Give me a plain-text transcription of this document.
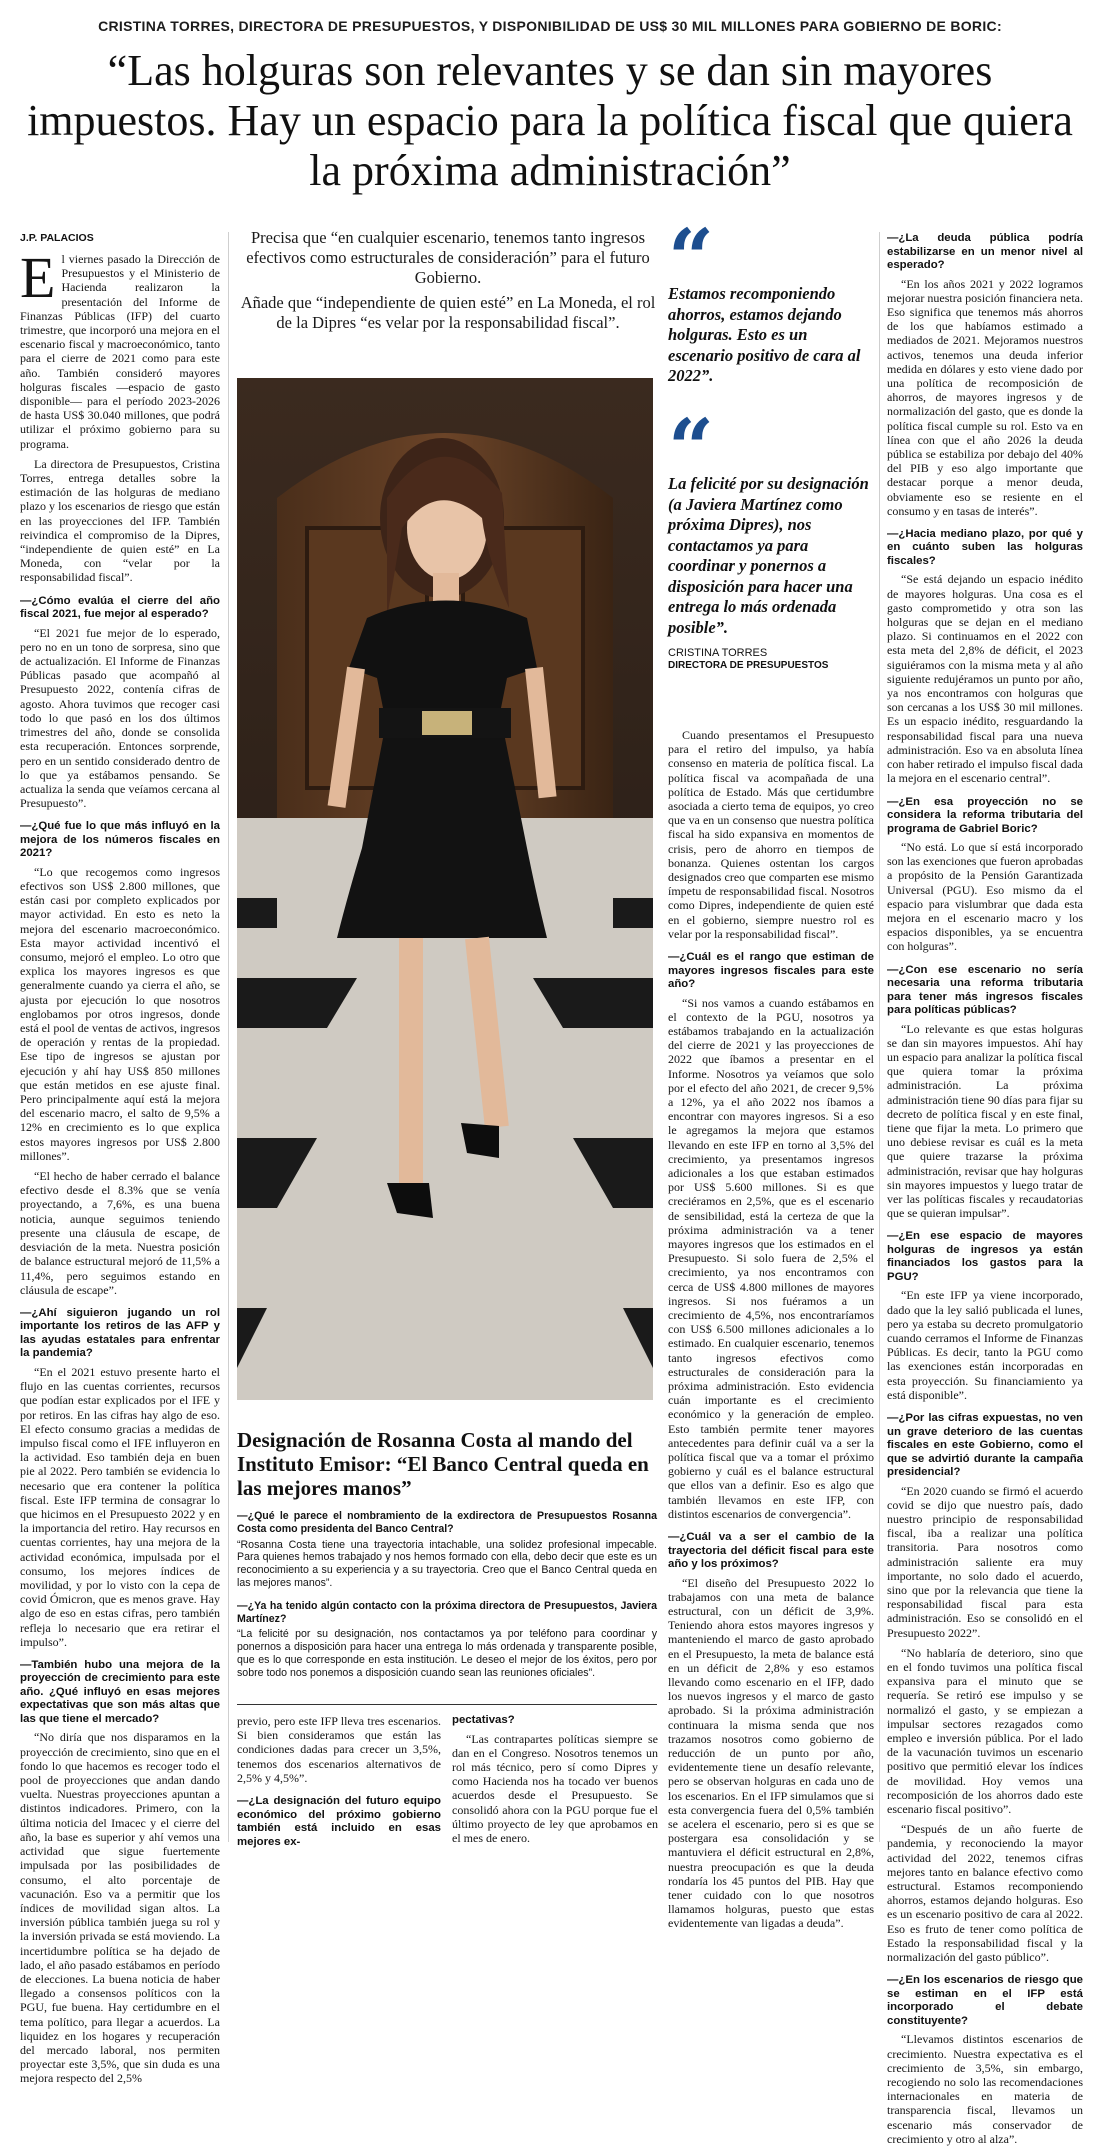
CRISTINA TORRES, DIRECTORA DE PRESUPUESTOS, Y DISPONIBILIDAD DE US$ 30 MIL MILLONES PARA GOBIERNO DE BORIC:
“Las holguras son relevantes y se dan sin mayores impuestos. Hay un espacio para la política fiscal que quiera la próxima administración”
J.P. PALACIOS

El viernes pasado la Dirección de Presupuestos y el Ministerio de Hacienda realizaron la presentación del Informe de Finanzas Públicas (IFP) del cuarto trimestre, que incorporó una mejora en el escenario fiscal y macroeconómico, tanto para el cierre de 2021 como para este año. También consideró mayores holguras fiscales —espacio de gasto disponible— para el período 2023-2026 de hasta US$ 30.040 millones, que podrá utilizar el próximo gobierno para su programa.

La directora de Presupuestos, Cristina Torres, entrega detalles sobre la estimación de las holguras de mediano plazo y los escenarios de riesgo que están en las proyecciones del IFP. También reivindica el compromiso de la Dipres, “independiente de quien esté” en La Moneda, con “velar por la responsabilidad fiscal”.

—¿Cómo evalúa el cierre del año fiscal 2021, fue mejor al esperado?

“El 2021 fue mejor de lo esperado, pero no en un tono de sorpresa, sino que de actualización. El Informe de Finanzas Públicas pasado que acompañó al Presupuesto 2022, contenía cifras de agosto. Ahora tuvimos que recoger casi todo lo que pasó en los dos últimos trimestres del año, donde se consolida esta recuperación. Entonces sorprende, pero en un sentido considerado dentro de lo que ya estábamos pensando. Se actualiza la senda que veíamos cercana al Presupuesto”.

—¿Qué fue lo que más influyó en la mejora de los números fiscales en 2021?

“Lo que recogemos como ingresos efectivos son US$ 2.800 millones, que están casi por completo explicados por mayor actividad. En esto es neto la mejora del escenario macroeconómico. Esta mayor actividad incentivó el consumo, mejoró el empleo. Lo otro que explica los mayores ingresos es que generalmente cuando ya cierra el año, se ajusta por ejecución lo que nosotros englobamos por otros ingresos, donde está el pool de ventas de activos, ingresos de operación y rentas de la propiedad. Ese tipo de ingresos se ajustan por ejecución y ahí hay US$ 850 millones que están metidos en ese ajuste final. Pero principalmente aquí está la mejora del escenario macro, el salto de 9,5% a 12% en crecimiento es lo que explica estos mayores ingresos por US$ 2.800 millones”.

“El hecho de haber cerrado el balance efectivo desde el 8.3% que se venía proyectando, a 7,6%, es una buena noticia, aunque seguimos teniendo presente una cláusula de escape, de desviación de la meta. Nuestra posición de balance estructural mejoró de 11,5% a 11,4%, pero seguimos estando en cláusula de escape”.

—¿Ahí siguieron jugando un rol importante los retiros de las AFP y las ayudas estatales para enfrentar la pandemia?

“En el 2021 estuvo presente harto el flujo en las cuentas corrientes, recursos que podían estar explicados por el IFE y por retiros. En las cifras hay algo de eso. El efecto consumo gracias a medidas de impulso fiscal como el IFE influyeron en la actividad. Eso también deja en buen pie al 2022. Pero también se evidencia lo necesario que era contener la política fiscal. Este IFP termina de consagrar lo que hicimos en el Presupuesto 2022 y en la importancia del retiro. Hay recursos en cuentas corrientes, hay una mejora de la actividad económica, impulsada por el consumo, los mejores índices de movilidad, y por lo visto con la cepa de covid Ómicron, que es menos grave. Hay algo de eso en estas cifras, pero también refleja lo necesario que era retirar el impulso”.

—También hubo una mejora de la proyección de crecimiento para este año. ¿Qué influyó en esas mejores expectativas que son más altas que las que tiene el mercado?

“No diría que nos disparamos en la proyección de crecimiento, sino que en el fondo lo que hacemos es recoger todo el pool de proyecciones que andan dando vuelta. Nuestras proyecciones apuntan a distintos indicadores. Primero, con la última noticia del Imacec y el cierre del año, la base es superior y ahí vemos una actividad que sigue fuertemente impulsada por las posibilidades de consumo, el alto porcentaje de vacunación. Eso va a permitir que los índices de movilidad sigan altos. La inversión pública también juega su rol y la inversión privada se está moviendo. La incertidumbre política se ha dejado de lado, el año pasado estábamos en período de elecciones. La buena noticia de haber llegado a consensos políticos con la PGU, fue buena. Hay certidumbre en el tema político, para llegar a acuerdos. La liquidez en los hogares y recuperación del mercado laboral, nos permiten proyectar este 3,5%, que sin duda es una mejora respecto del 2,5%

Precisa que “en cualquier escenario, tenemos tanto ingresos efectivos como estructurales de consideración” para el futuro Gobierno.

Añade que “independiente de quien esté” en La Moneda, el rol de la Dipres “es velar por la responsabilidad fiscal”.

“
Estamos recomponiendo ahorros, estamos dejando holguras. Esto es un escenario positivo de cara al 2022”.
“
La felicité por su designación (a Javiera Martínez como próxima Dipres), nos contactamos ya para coordinar y ponernos a disposición para hacer una entrega lo más ordenada posible”.
CRISTINA TORRES
DIRECTORA DE PRESUPUESTOS

Cuando presentamos el Presupuesto para el retiro del impulso, ya había consenso en materia de política fiscal. La política fiscal va acompañada de una política de Estado. Más que certidumbre asociada a cierto tema de equipos, yo creo que va en un consenso que nuestra política fiscal ha sido expansiva en momentos de crisis, pero de ahorro en tiempos de bonanza. Quienes ostentan los cargos designados creo que comparten ese mismo ímpetu de responsabilidad fiscal. Nosotros como Dipres, independiente de quien esté en el gobierno, siempre nuestro rol es velar por la responsabilidad fiscal”.

—¿Cuál es el rango que estiman de mayores ingresos fiscales para este año?

“Si nos vamos a cuando estábamos en el contexto de la PGU, nosotros ya estábamos trabajando en la actualización del cierre de 2021 y las proyecciones de 2022 que íbamos a presentar en el Informe. Nosotros ya veíamos que solo por el efecto del año 2021, de crecer 9,5% a 12%, ya el año 2022 nos íbamos a encontrar con mayores ingresos. Si a eso le agregamos la mejora que estamos llevando en este IFP en torno al 3,5% del crecimiento, ya presentamos ingresos adicionales a los que estaban estimados por US$ 5.600 millones. Si es que creciéramos en 2,5%, que es el escenario de sensibilidad, está la certeza de que la próxima administración va a tener mayores ingresos que los estimados en el Presupuesto. Si solo fuera de 2,5% el crecimiento, ya nos encontramos con cerca de US$ 4.800 millones de mayores ingresos. Si nos fuéramos a un crecimiento de 4,5%, nos encontraríamos con US$ 6.500 millones adicionales a lo estimado. En cualquier escenario, tenemos tanto ingresos efectivos como estructurales de consideración para la próxima administración. Esto evidencia cuán importante es el crecimiento económico y la generación de empleo. Esto también permite tener mayores antecedentes para definir cuál va a ser la política fiscal que va a tomar el próximo gobierno y cuál es el balance estructural que ellos van a definir. Eso es algo que también llevamos en este IFP, con distintos escenarios de convergencia”.

—¿Cuál va a ser el cambio de la trayectoria del déficit fiscal para este año y los próximos?

“El diseño del Presupuesto 2022 lo trabajamos con una meta de balance estructural, con un déficit de 3,9%. Teniendo ahora estos mayores ingresos y manteniendo el marco de gasto aprobado en el Presupuesto, la meta de balance está en un déficit de 2,8% y eso estamos llevando como escenario en el IFP, dado los nuevos ingresos y el marco de gasto aprobado. Si la próxima administración continuara la misma senda que nos trazamos nosotros como gobierno de reducción de un punto por año, evidentemente tiene un desafío relevante, pero se observan holguras en cada uno de los escenarios. En el IFP simulamos que si esta convergencia fuera del 0,5% también se acelera el escenario, pero si es que se postergara esa consolidación y se mantuviera el déficit estructural en 2,8%, nuestra preocupación es que la deuda rondaría los 45 puntos del PIB. Hay que tener cuidado con lo que nosotros llamamos holguras, puesto que estas evidentemente van ligadas a deuda”.

—¿La deuda pública podría estabilizarse en un menor nivel al esperado?

“En los años 2021 y 2022 logramos mejorar nuestra posición financiera neta. Eso significa que tenemos más ahorros de los que habíamos estimado a mediados de 2021. Mejoramos nuestros activos, tenemos una deuda inferior medida en dólares y esto viene dado por una política de recomposición de ahorros, de mayores ingresos y de normalización del gasto, que es donde la política fiscal cumple su rol. Esto va en línea con que el año 2026 la deuda pública se estabiliza por debajo del 40% del PIB y eso algo importante que destacar porque a menor deuda, obviamente eso se resiente en el consumo y en tasas de interés”.

—¿Hacia mediano plazo, por qué y en cuánto suben las holguras fiscales?

“Se está dejando un espacio inédito de mayores holguras. Una cosa es el gasto comprometido y otra son las holguras que se dejan en el mediano plazo. Si continuamos en el 2022 con esta meta del 2,8% de déficit, el 2023 siguiéramos con la misma meta y al año siguiente redujéramos un punto por año, ya nos encontramos con holguras que son cercanas a los US$ 30 mil millones. Es un espacio inédito, resguardando la responsabilidad fiscal para una nueva administración. Eso va en absoluta línea con haber retirado el impulso fiscal dada la mejora en el escenario central”.

—¿En esa proyección no se considera la reforma tributaria del programa de Gabriel Boric?

“No está. Lo que sí está incorporado son las exenciones que fueron aprobadas a propósito de la Pensión Garantizada Universal (PGU). Eso mismo da el espacio para vislumbrar que dada esta mejora en el escenario macro y los espacios disponibles, ya se encuentra con holguras”.

—¿Con ese escenario no sería necesaria una reforma tributaria para tener más ingresos fiscales para políticas públicas?

“Lo relevante es que estas holguras se dan sin mayores impuestos. Ahí hay un espacio para analizar la política fiscal que quiera tomar la próxima administración. La próxima administración tiene 90 días para fijar su decreto de política fiscal y en este final, tiene que fijar la meta. Lo primero que uno debiese revisar es cuál es la meta que quiere trazarse la próxima administración, revisar que hay holguras sin mayores impuestos y luego tratar de ver las políticas fiscales y recaudatorias que se quieran impulsar”.

—¿En ese espacio de mayores holguras de ingresos ya están financiados los gastos para la PGU?

“En este IFP ya viene incorporado, dado que la ley salió publicada el lunes, pero ya estaba su decreto promulgatorio cuando cerramos el Informe de Finanzas Públicas. Es decir, tanto la PGU como las exenciones están incorporadas en esta proyección. Su financiamiento ya está disponible”.

—¿Por las cifras expuestas, no ven un grave deterioro de las cuentas fiscales en este Gobierno, como el que se advirtió durante la campaña presidencial?

“En 2020 cuando se firmó el acuerdo covid se dijo que nuestro país, dado nuestro principio de responsabilidad fiscal, iba a realizar una política transitoria. Para nosotros como administración saliente era muy importante, no solo dado el acuerdo, sino que por la relevancia que tiene la responsabilidad fiscal para esta administración. Eso se consolidó en el Presupuesto 2022”.

“No hablaría de deterioro, sino que en el fondo tuvimos una política fiscal expansiva para el minuto que se requería. Se retiró ese impulso y se normalizó el gasto, y se empiezan a impulsar sectores rezagados como empleo e inversión pública. Por el lado de la vacunación tuvimos un escenario positivo que permitió elevar los índices de movilidad. Hoy vemos una recomposición de los ahorros dado este escenario fiscal positivo”.

“Después de un año fuerte de pandemia, y reconociendo la mayor actividad del 2022, tenemos cifras mejores tanto en balance efectivo como estructural. Estamos recomponiendo ahorros, estamos dejando holguras. Eso es un escenario positivo de cara al 2022. Eso es fruto de tener como política de Estado la responsabilidad fiscal y la normalización del gasto público”.

—¿En los escenarios de riesgo que se estiman en el IFP está incorporado el debate constituyente?

“Llevamos distintos escenarios de crecimiento. Nuestra expectativa es el crecimiento de 3,5%, sin embargo, recogiendo no solo las recomendaciones internacionales en materia de transparencia fiscal, llevamos un escenario más conservador de crecimiento y otro al alza”.

Designación de Rosanna Costa al mando del Instituto Emisor: “El Banco Central queda en las mejores manos”
—¿Qué le parece el nombramiento de la exdirectora de Presupuestos Rosanna Costa como presidenta del Banco Central?
“Rosanna Costa tiene una trayectoria intachable, una solidez profesional impecable. Para quienes hemos trabajado y nos hemos formado con ella, debo decir que este es un reconocimiento a su experiencia y a su trayectoria. Creo que el Banco Central queda en las mejores manos”.
—¿Ya ha tenido algún contacto con la próxima directora de Presupuestos, Javiera Martínez?
“La felicité por su designación, nos contactamos ya por teléfono para coordinar y ponernos a disposición para hacer una entrega lo más ordenada y transparente posible, que es lo que corresponde en esta institución. Le deseo el mejor de los éxitos, pero por sobre todo nos ponemos a disposición cuando sean las reuniones oficiales”.

previo, pero este IFP lleva tres escenarios. Si bien consideramos que están las condiciones dadas para crecer un 3,5%, tenemos dos escenarios alternativos de 2,5% y 4,5%”.

—¿La designación del futuro equipo económico del próximo gobierno también está incluido en esas mejores ex-

pectativas?

“Las contrapartes políticas siempre se dan en el Congreso. Nosotros tenemos un rol más técnico, pero sí como Dipres y como Hacienda nos ha tocado ver buenos acuerdos desde el Presupuesto. Se consolidó ahora con la PGU porque fue el último proyecto de ley que aprobamos en el mes de enero.
